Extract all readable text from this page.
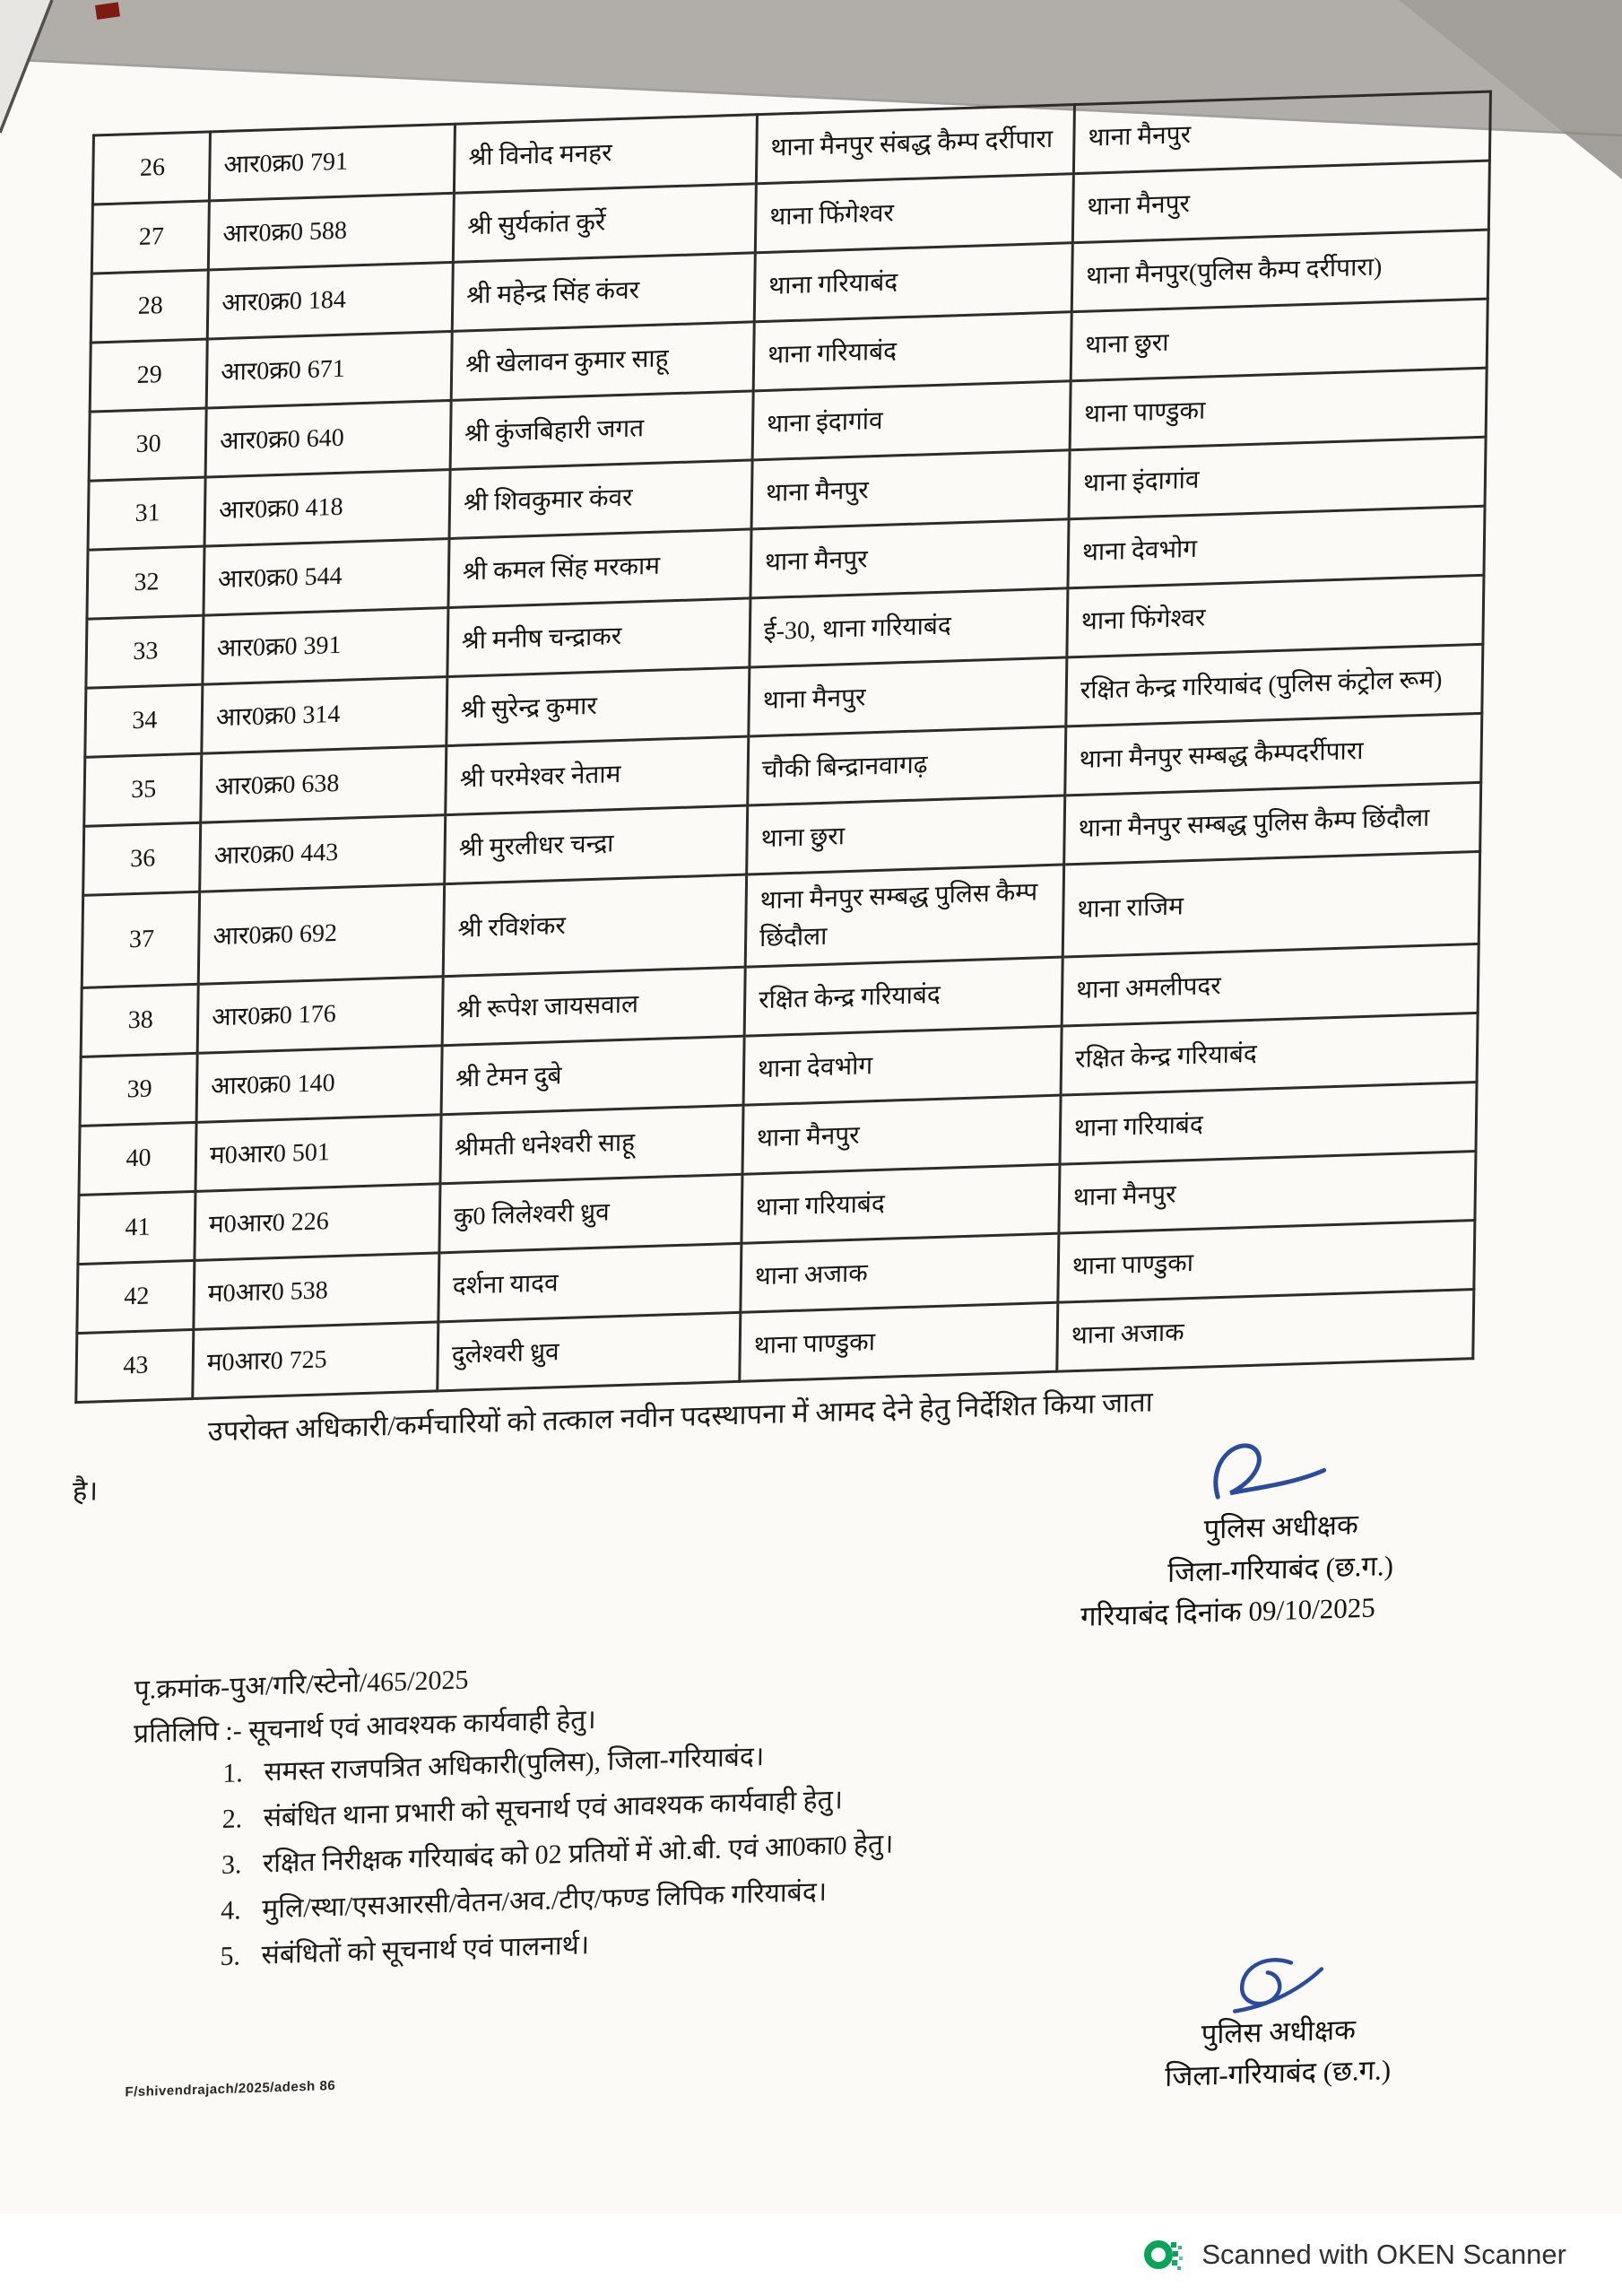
26	आर0क्र0 791	श्री विनोद मनहर	थाना मैनपुर संबद्ध कैम्प दर्रीपारा	थाना मैनपुर
27	आर0क्र0 588	श्री सुर्यकांत कुर्रे	थाना फिंगेश्वर	थाना मैनपुर
28	आर0क्र0 184	श्री महेन्द्र सिंह कंवर	थाना गरियाबंद	थाना मैनपुर(पुलिस कैम्प दर्रीपारा)
29	आर0क्र0 671	श्री खेलावन कुमार साहू	थाना गरियाबंद	थाना छुरा
30	आर0क्र0 640	श्री कुंजबिहारी जगत	थाना इंदागांव	थाना पाण्डुका
31	आर0क्र0 418	श्री शिवकुमार कंवर	थाना मैनपुर	थाना इंदागांव
32	आर0क्र0 544	श्री कमल सिंह मरकाम	थाना मैनपुर	थाना देवभोग
33	आर0क्र0 391	श्री मनीष चन्द्राकर	ई-30, थाना गरियाबंद	थाना फिंगेश्वर
34	आर0क्र0 314	श्री सुरेन्द्र कुमार	थाना मैनपुर	रक्षित केन्द्र गरियाबंद (पुलिस कंट्रोल रूम)
35	आर0क्र0 638	श्री परमेश्वर नेताम	चौकी बिन्द्रानवागढ़	थाना मैनपुर सम्बद्ध कैम्पदर्रीपारा
36	आर0क्र0 443	श्री मुरलीधर चन्द्रा	थाना छुरा	थाना मैनपुर सम्बद्ध पुलिस कैम्प छिंदौला
37	आर0क्र0 692	श्री रविशंकर	थाना मैनपुर सम्बद्ध पुलिस कैम्प छिंदौला	थाना राजिम
38	आर0क्र0 176	श्री रूपेश जायसवाल	रक्षित केन्द्र गरियाबंद	थाना अमलीपदर
39	आर0क्र0 140	श्री टेमन दुबे	थाना देवभोग	रक्षित केन्द्र गरियाबंद
40	म0आर0 501	श्रीमती धनेश्वरी साहू	थाना मैनपुर	थाना गरियाबंद
41	म0आर0 226	कु0 लिलेश्वरी ध्रुव	थाना गरियाबंद	थाना मैनपुर
42	म0आर0 538	दर्शना यादव	थाना अजाक	थाना पाण्डुका
43	म0आर0 725	दुलेश्वरी ध्रुव	थाना पाण्डुका	थाना अजाक

उपरोक्त अधिकारी/कर्मचारियों को तत्काल नवीन पदस्थापना में आमद देने हेतु निर्देशित किया जाता

है।

पुलिस अधीक्षक
जिला-गरियाबंद (छ.ग.)
गरियाबंद दिनांक 09/10/2025
पृ.क्रमांक-पुअ/गरि/स्टेनो/465/2025
प्रतिलिपि :- सूचनार्थ एवं आवश्यक कार्यवाही हेतु।
1. समस्त राजपत्रित अधिकारी(पुलिस), जिला-गरियाबंद।
2. संबंधित थाना प्रभारी को सूचनार्थ एवं आवश्यक कार्यवाही हेतु।
3. रक्षित निरीक्षक गरियाबंद को 02 प्रतियों में ओ.बी. एवं आ0का0 हेतु।
4. मुलि/स्था/एसआरसी/वेतन/अव./टीए/फण्ड लिपिक गरियाबंद।
5. संबंधितों को सूचनार्थ एवं पालनार्थ।
पुलिस अधीक्षक
जिला-गरियाबंद (छ.ग.)
F/shivendrajach/2025/adesh 86
Scanned with OKEN Scanner
